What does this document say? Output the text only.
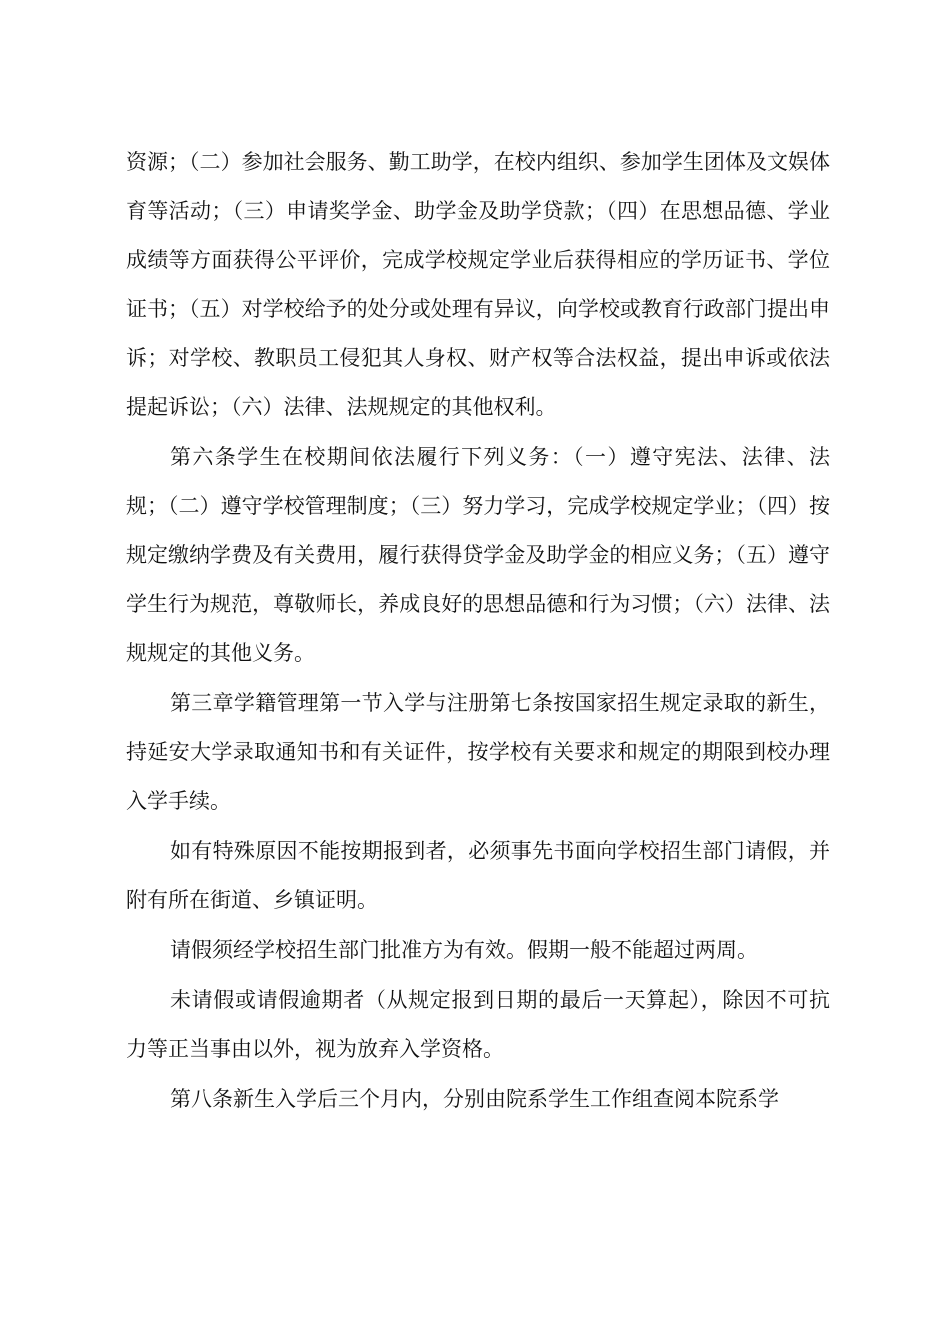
资源；（二）参加社会服务、勤工助学，在校内组织、参加学生团体及文娱体育等活动；（三）申请奖学金、助学金及助学贷款；（四）在思想品德、学业成绩等方面获得公平评价，完成学校规定学业后获得相应的学历证书、学位证书；（五）对学校给予的处分或处理有异议，向学校或教育行政部门提出申诉；对学校、教职员工侵犯其人身权、财产权等合法权益，提出申诉或依法提起诉讼；（六）法律、法规规定的其他权利。

第六条学生在校期间依法履行下列义务：（一）遵守宪法、法律、法规；（二）遵守学校管理制度；（三）努力学习，完成学校规定学业；（四）按规定缴纳学费及有关费用，履行获得贷学金及助学金的相应义务；（五）遵守学生行为规范，尊敬师长，养成良好的思想品德和行为习惯；（六）法律、法规规定的其他义务。

第三章学籍管理第一节入学与注册第七条按国家招生规定录取的新生，持延安大学录取通知书和有关证件，按学校有关要求和规定的期限到校办理入学手续。

如有特殊原因不能按期报到者，必须事先书面向学校招生部门请假，并附有所在街道、乡镇证明。

请假须经学校招生部门批准方为有效。假期一般不能超过两周。

未请假或请假逾期者（从规定报到日期的最后一天算起），除因不可抗力等正当事由以外，视为放弃入学资格。

第八条新生入学后三个月内，分别由院系学生工作组查阅本院系学
